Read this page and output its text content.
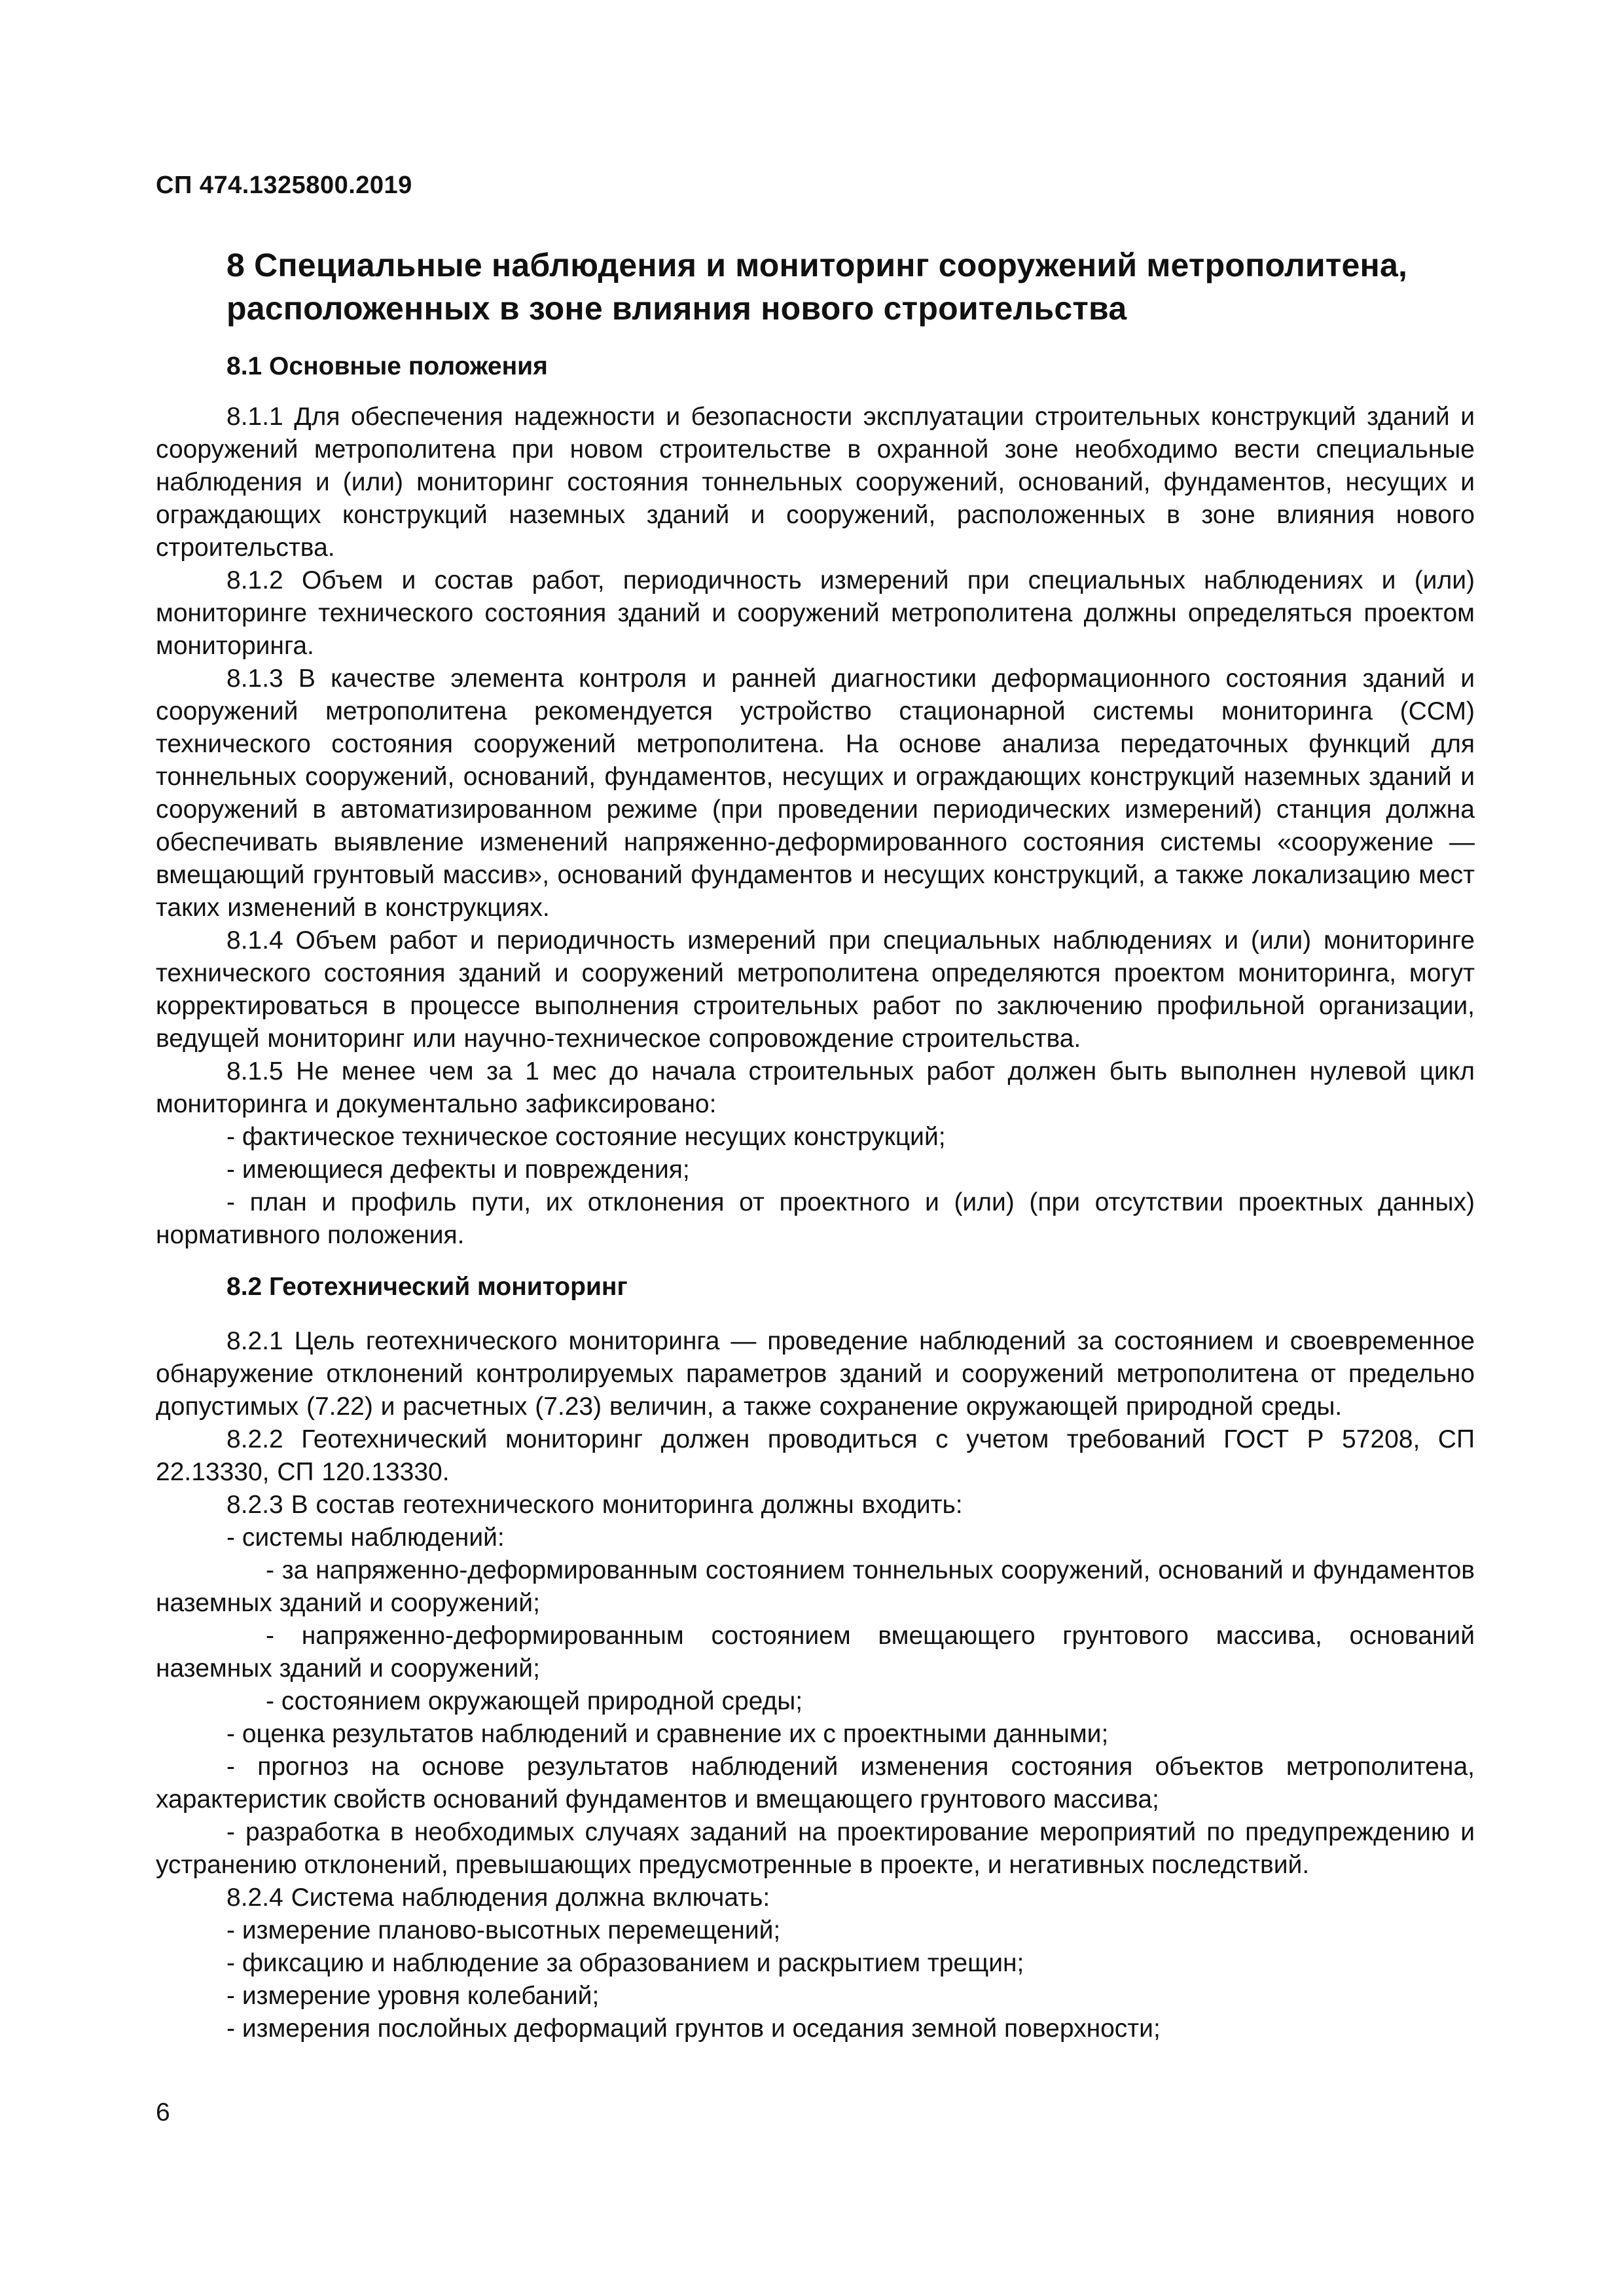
СП 474.1325800.2019
8 Специальные наблюдения и мониторинг сооружений метрополитена, расположенных в зоне влияния нового строительства
8.1 Основные положения

8.1.1 Для обеспечения надежности и безопасности эксплуатации строительных конструкций зданий и сооружений метрополитена при новом строительстве в охранной зоне необходимо вести специальные наблюдения и (или) мониторинг состояния тоннельных сооружений, оснований, фундаментов, несущих и ограждающих конструкций наземных зданий и сооружений, расположенных в зоне влияния нового строительства.

8.1.2 Объем и состав работ, периодичность измерений при специальных наблюдениях и (или) мониторинге технического состояния зданий и сооружений метрополитена должны определяться проектом мониторинга.

8.1.3 В качестве элемента контроля и ранней диагностики деформационного состояния зданий и сооружений метрополитена рекомендуется устройство стационарной системы мониторинга (ССМ) технического состояния сооружений метрополитена. На основе анализа передаточных функций для тоннельных сооружений, оснований, фундаментов, несущих и ограждающих конструкций наземных зданий и сооружений в автоматизированном режиме (при проведении периодических измерений) станция должна обеспечивать выявление изменений напряженно-деформированного состояния системы «сооружение — вмещающий грунтовый массив», оснований фундаментов и несущих конструкций, а также локализацию мест таких изменений в конструкциях.

8.1.4 Объем работ и периодичность измерений при специальных наблюдениях и (или) мониторинге технического состояния зданий и сооружений метрополитена определяются проектом мониторинга, могут корректироваться в процессе выполнения строительных работ по заключению профильной организации, ведущей мониторинг или научно-техническое сопровождение строительства.

8.1.5 Не менее чем за 1 мес до начала строительных работ должен быть выполнен нулевой цикл мониторинга и документально зафиксировано:

- фактическое техническое состояние несущих конструкций;

- имеющиеся дефекты и повреждения;

- план и профиль пути, их отклонения от проектного и (или) (при отсутствии проектных данных) нормативного положения.

8.2 Геотехнический мониторинг

8.2.1 Цель геотехнического мониторинга — проведение наблюдений за состоянием и своевременное обнаружение отклонений контролируемых параметров зданий и сооружений метрополитена от предельно допустимых (7.22) и расчетных (7.23) величин, а также сохранение окружающей природной среды.

8.2.2 Геотехнический мониторинг должен проводиться с учетом требований ГОСТ Р 57208, СП 22.13330, СП 120.13330.

8.2.3 В состав геотехнического мониторинга должны входить:

- системы наблюдений:

- за напряженно-деформированным состоянием тоннельных сооружений, оснований и фундаментов наземных зданий и сооружений;

- напряженно-деформированным состоянием вмещающего грунтового массива, оснований наземных зданий и сооружений;

- состоянием окружающей природной среды;

- оценка результатов наблюдений и сравнение их с проектными данными;

- прогноз на основе результатов наблюдений изменения состояния объектов метрополитена, характеристик свойств оснований фундаментов и вмещающего грунтового массива;

- разработка в необходимых случаях заданий на проектирование мероприятий по предупреждению и устранению отклонений, превышающих предусмотренные в проекте, и негативных последствий.

8.2.4 Система наблюдения должна включать:

- измерение планово-высотных перемещений;

- фиксацию и наблюдение за образованием и раскрытием трещин;

- измерение уровня колебаний;

- измерения послойных деформаций грунтов и оседания земной поверхности;

6
